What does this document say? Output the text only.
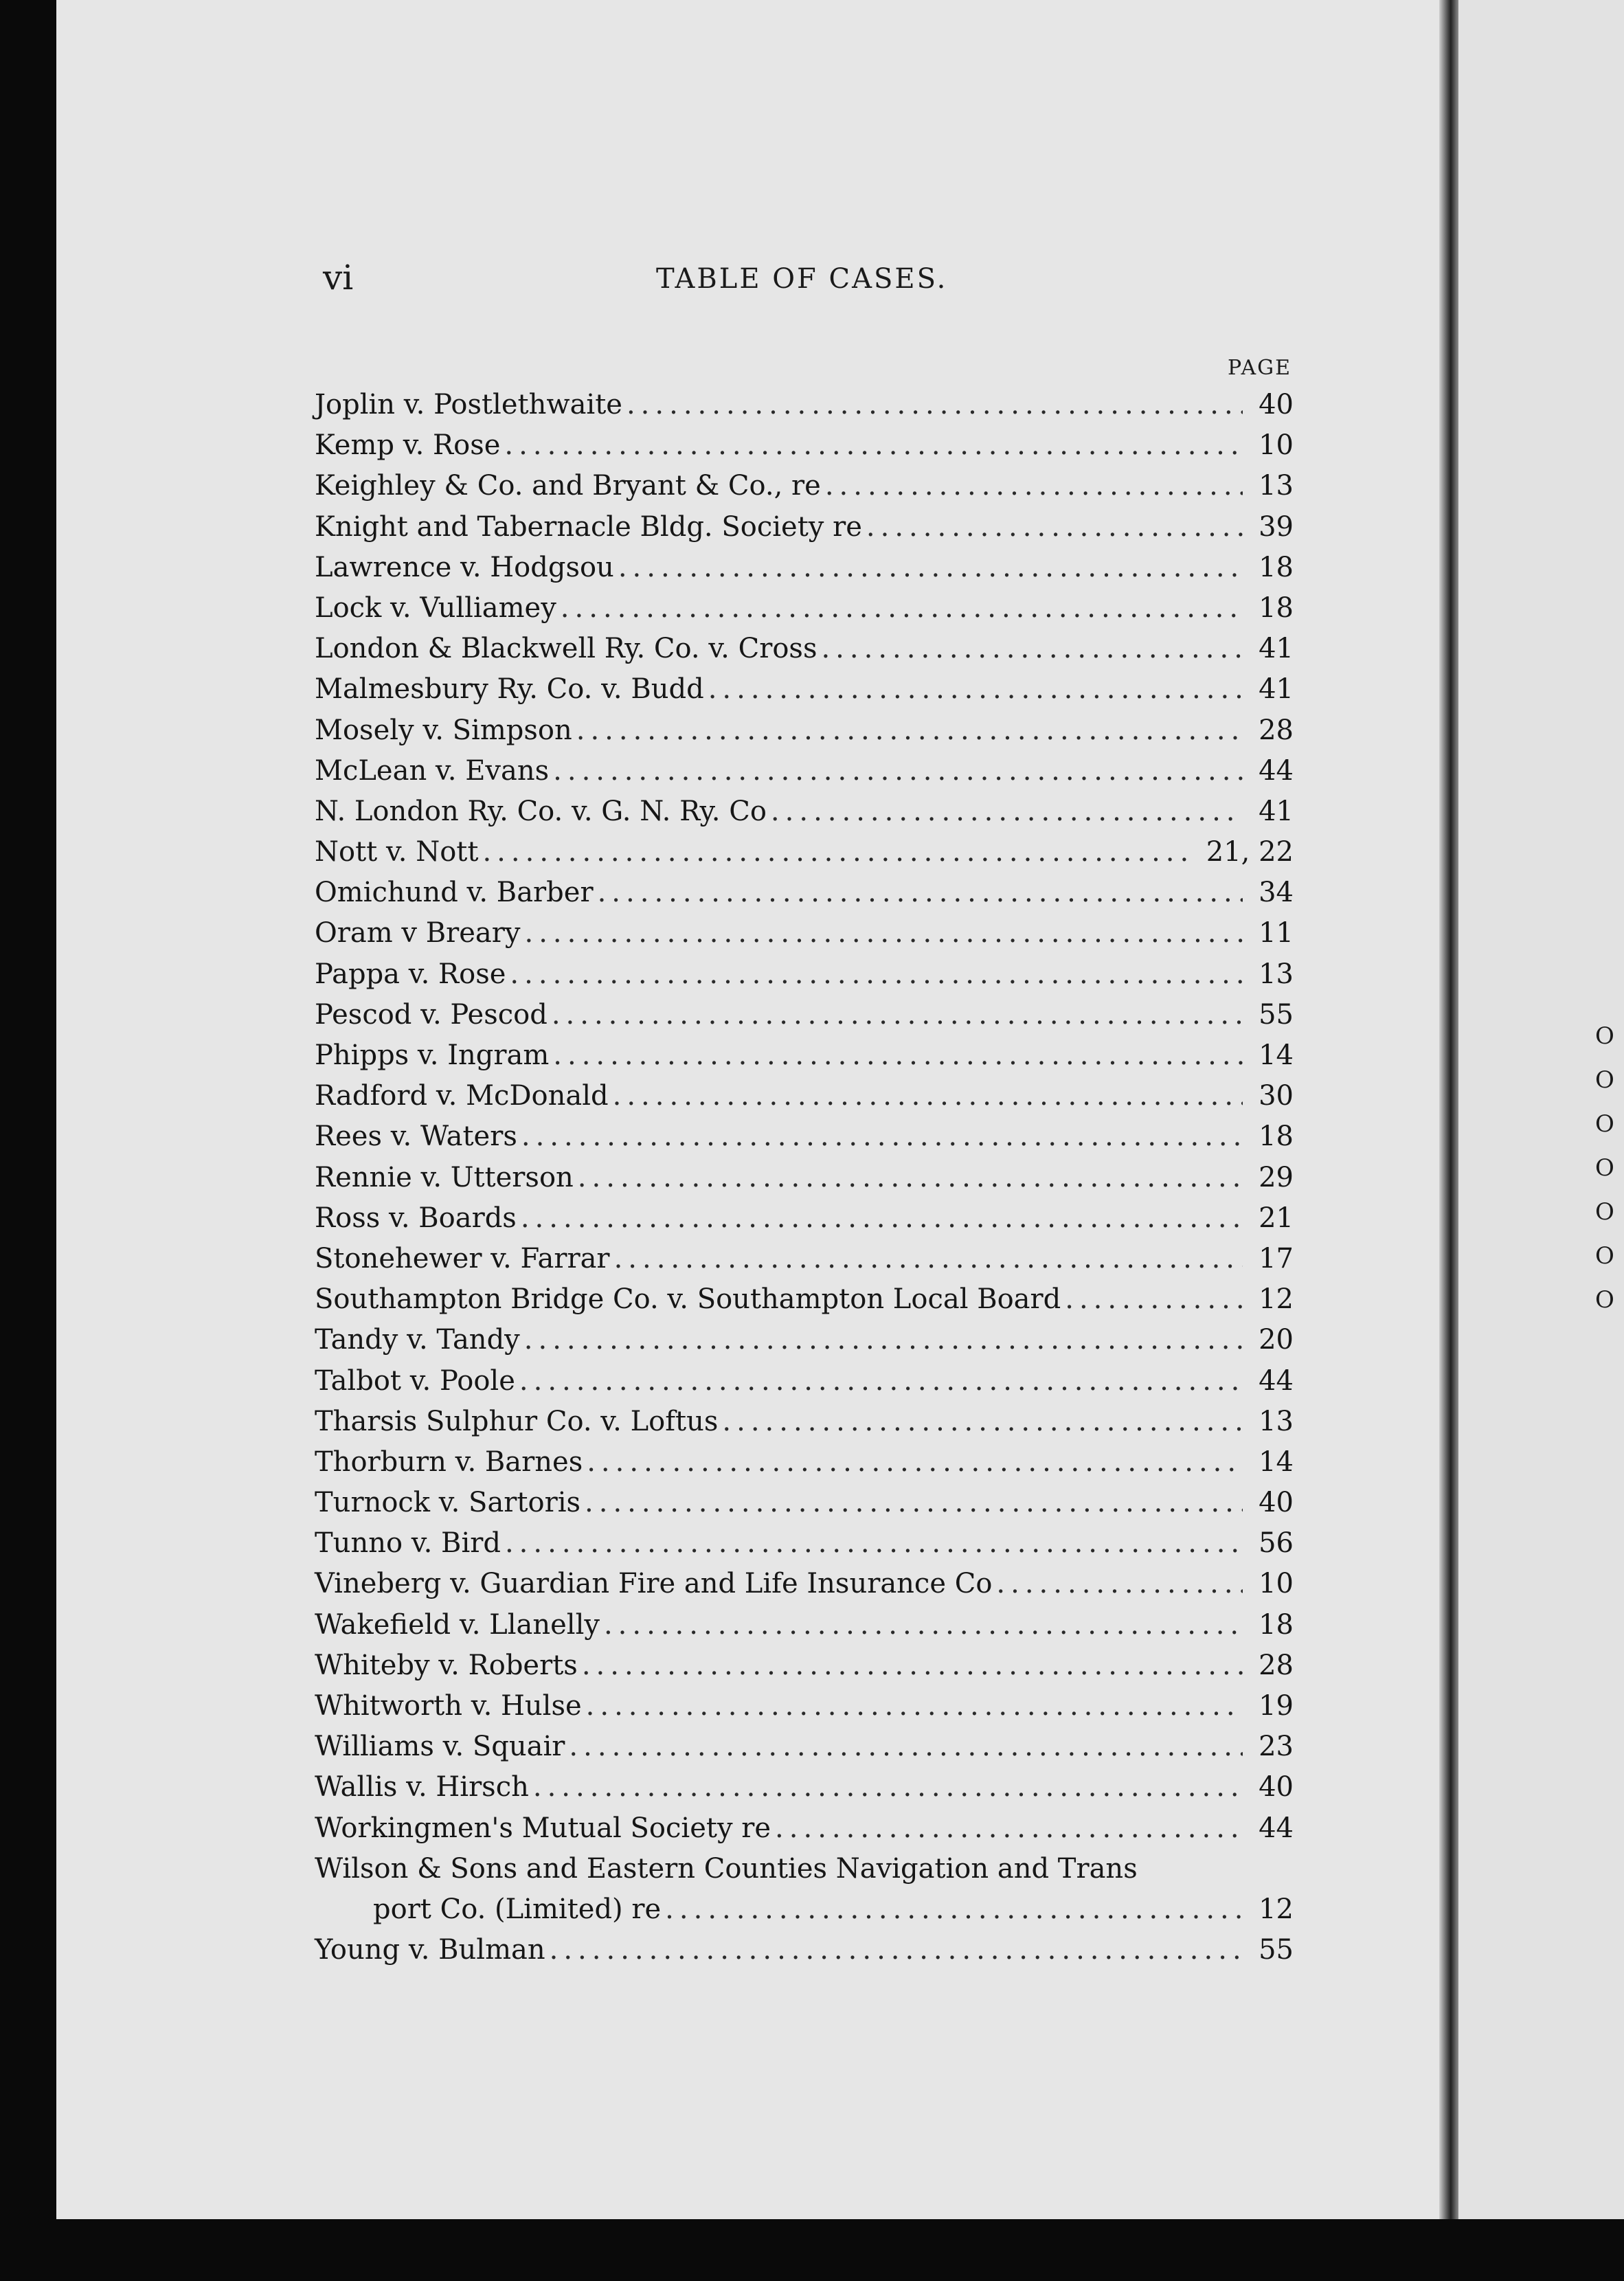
O
O
O
O
O
O
O
vi	TABLE OF CASES.
PAGE
Joplin v. Postlethwaite .....	40
Kemp v. Rose .....	10
Keighley & Co. and Bryant & Co., re .....	13
Knight and Tabernacle Bldg. Society re .....	39
Lawrence v. Hodgsou .....	18
Lock v. Vulliamey .....	18
London & Blackwell Ry. Co. v. Cross .....	41
Malmesbury Ry. Co. v. Budd .....	41
Mosely v. Simpson .....	28
McLean v. Evans .....	44
N. London Ry. Co. v. G. N. Ry. Co .....	41
Nott v. Nott .....	21, 22
Omichund v. Barber .....	34
Oram v Breary .....	11
Pappa v. Rose .....	13
Pescod v. Pescod .....	55
Phipps v. Ingram .....	14
Radford v. McDonald .....	30
Rees v. Waters .....	18
Rennie v. Utterson .....	29
Ross v. Boards .....	21
Stonehewer v. Farrar .....	17
Southampton Bridge Co. v. Southampton Local Board .....	12
Tandy v. Tandy .....	20
Talbot v. Poole .....	44
Tharsis Sulphur Co. v. Loftus .....	13
Thorburn v. Barnes .....	14
Turnock v. Sartoris .....	40
Tunno v. Bird .....	56
Vineberg v. Guardian Fire and Life Insurance Co .....	10
Wakefield v. Llanelly .....	18
Whiteby v. Roberts .....	28
Whitworth v. Hulse .....	19
Williams v. Squair .....	23
Wallis v. Hirsch .....	40
Workingmen's Mutual Society re .....	44
Wilson & Sons and Eastern Counties Navigation and Trans
port Co. (Limited) re .....	12
Young v. Bulman .....	55
